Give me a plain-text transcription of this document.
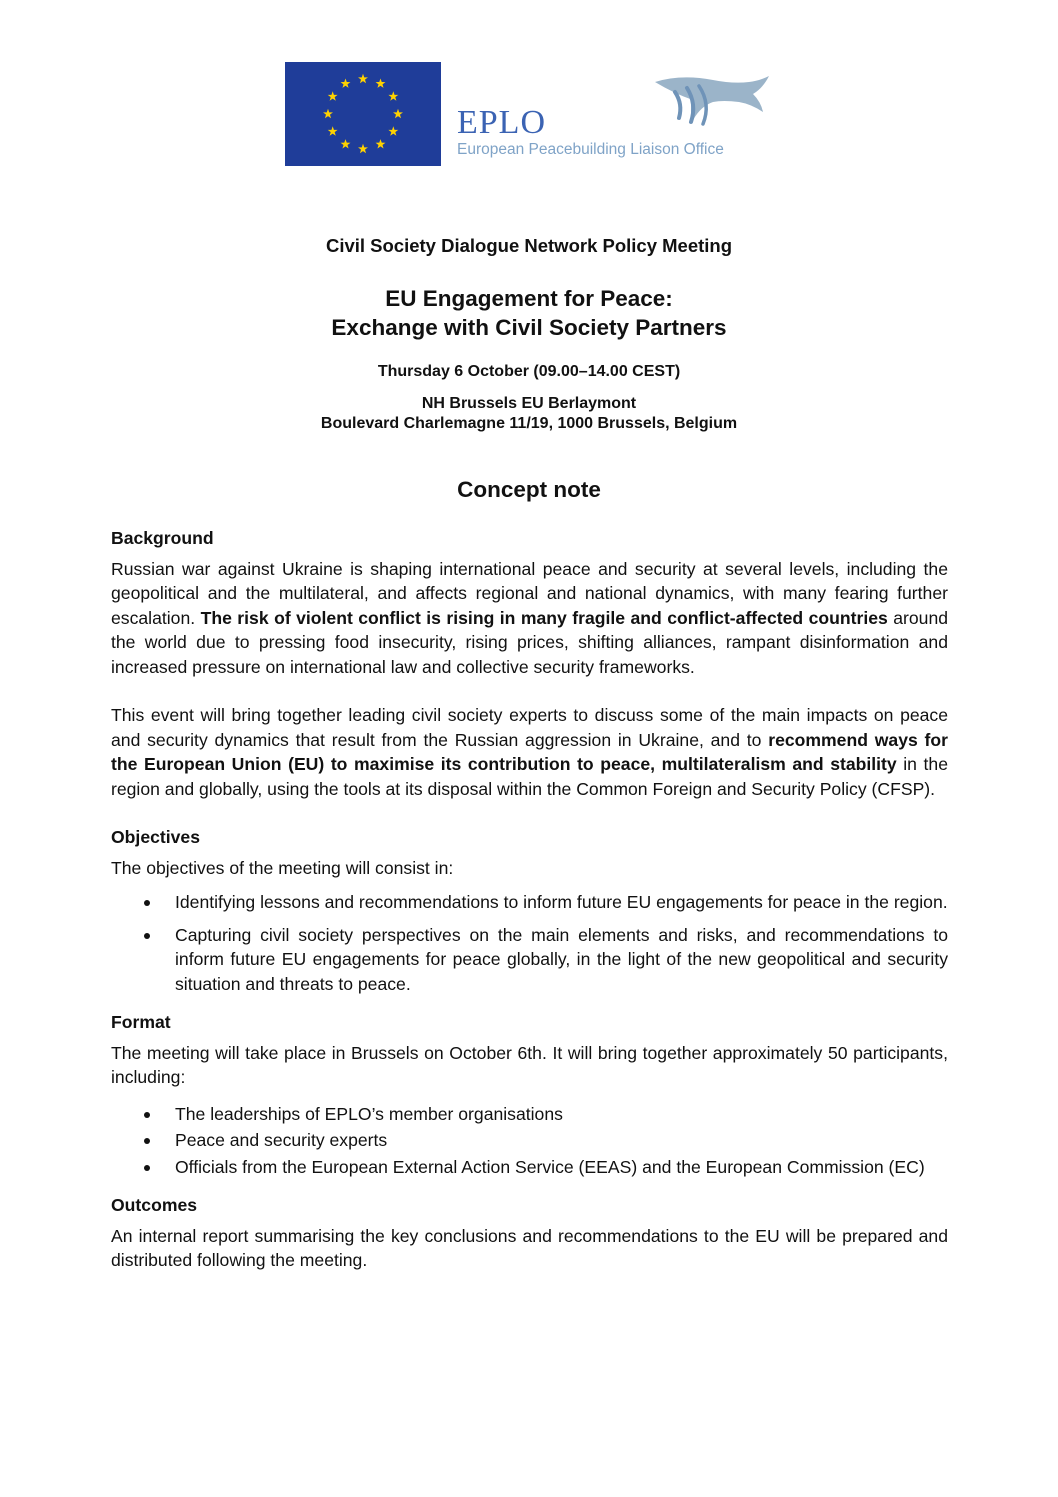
EPLO
European Peacebuilding Liaison Office
Civil Society Dialogue Network Policy Meeting
EU Engagement for Peace:
Exchange with Civil Society Partners
Thursday 6 October (09.00–14.00 CEST)
NH Brussels EU Berlaymont
Boulevard Charlemagne 11/19, 1000 Brussels, Belgium
Concept note

Background

Russian war against Ukraine is shaping international peace and security at several levels, including the geopolitical and the multilateral, and affects regional and national dynamics, with many fearing further escalation. The risk of violent conflict is rising in many fragile and conflict-affected countries around the world due to pressing food insecurity, rising prices, shifting alliances, rampant disinformation and increased pressure on international law and collective security frameworks.

This event will bring together leading civil society experts to discuss some of the main impacts on peace and security dynamics that result from the Russian aggression in Ukraine, and to recommend ways for the European Union (EU) to maximise its contribution to peace, multilateralism and stability in the region and globally, using the tools at its disposal within the Common Foreign and Security Policy (CFSP).

Objectives

The objectives of the meeting will consist in:

Identifying lessons and recommendations to inform future EU engagements for peace in the region.
Capturing civil society perspectives on the main elements and risks, and recommendations to inform future EU engagements for peace globally, in the light of the new geopolitical and security situation and threats to peace.

Format

The meeting will take place in Brussels on October 6th. It will bring together approximately 50 participants, including:

The leaderships of EPLO’s member organisations
Peace and security experts
Officials from the European External Action Service (EEAS) and the European Commission (EC)

Outcomes

An internal report summarising the key conclusions and recommendations to the EU will be prepared and distributed following the meeting.
